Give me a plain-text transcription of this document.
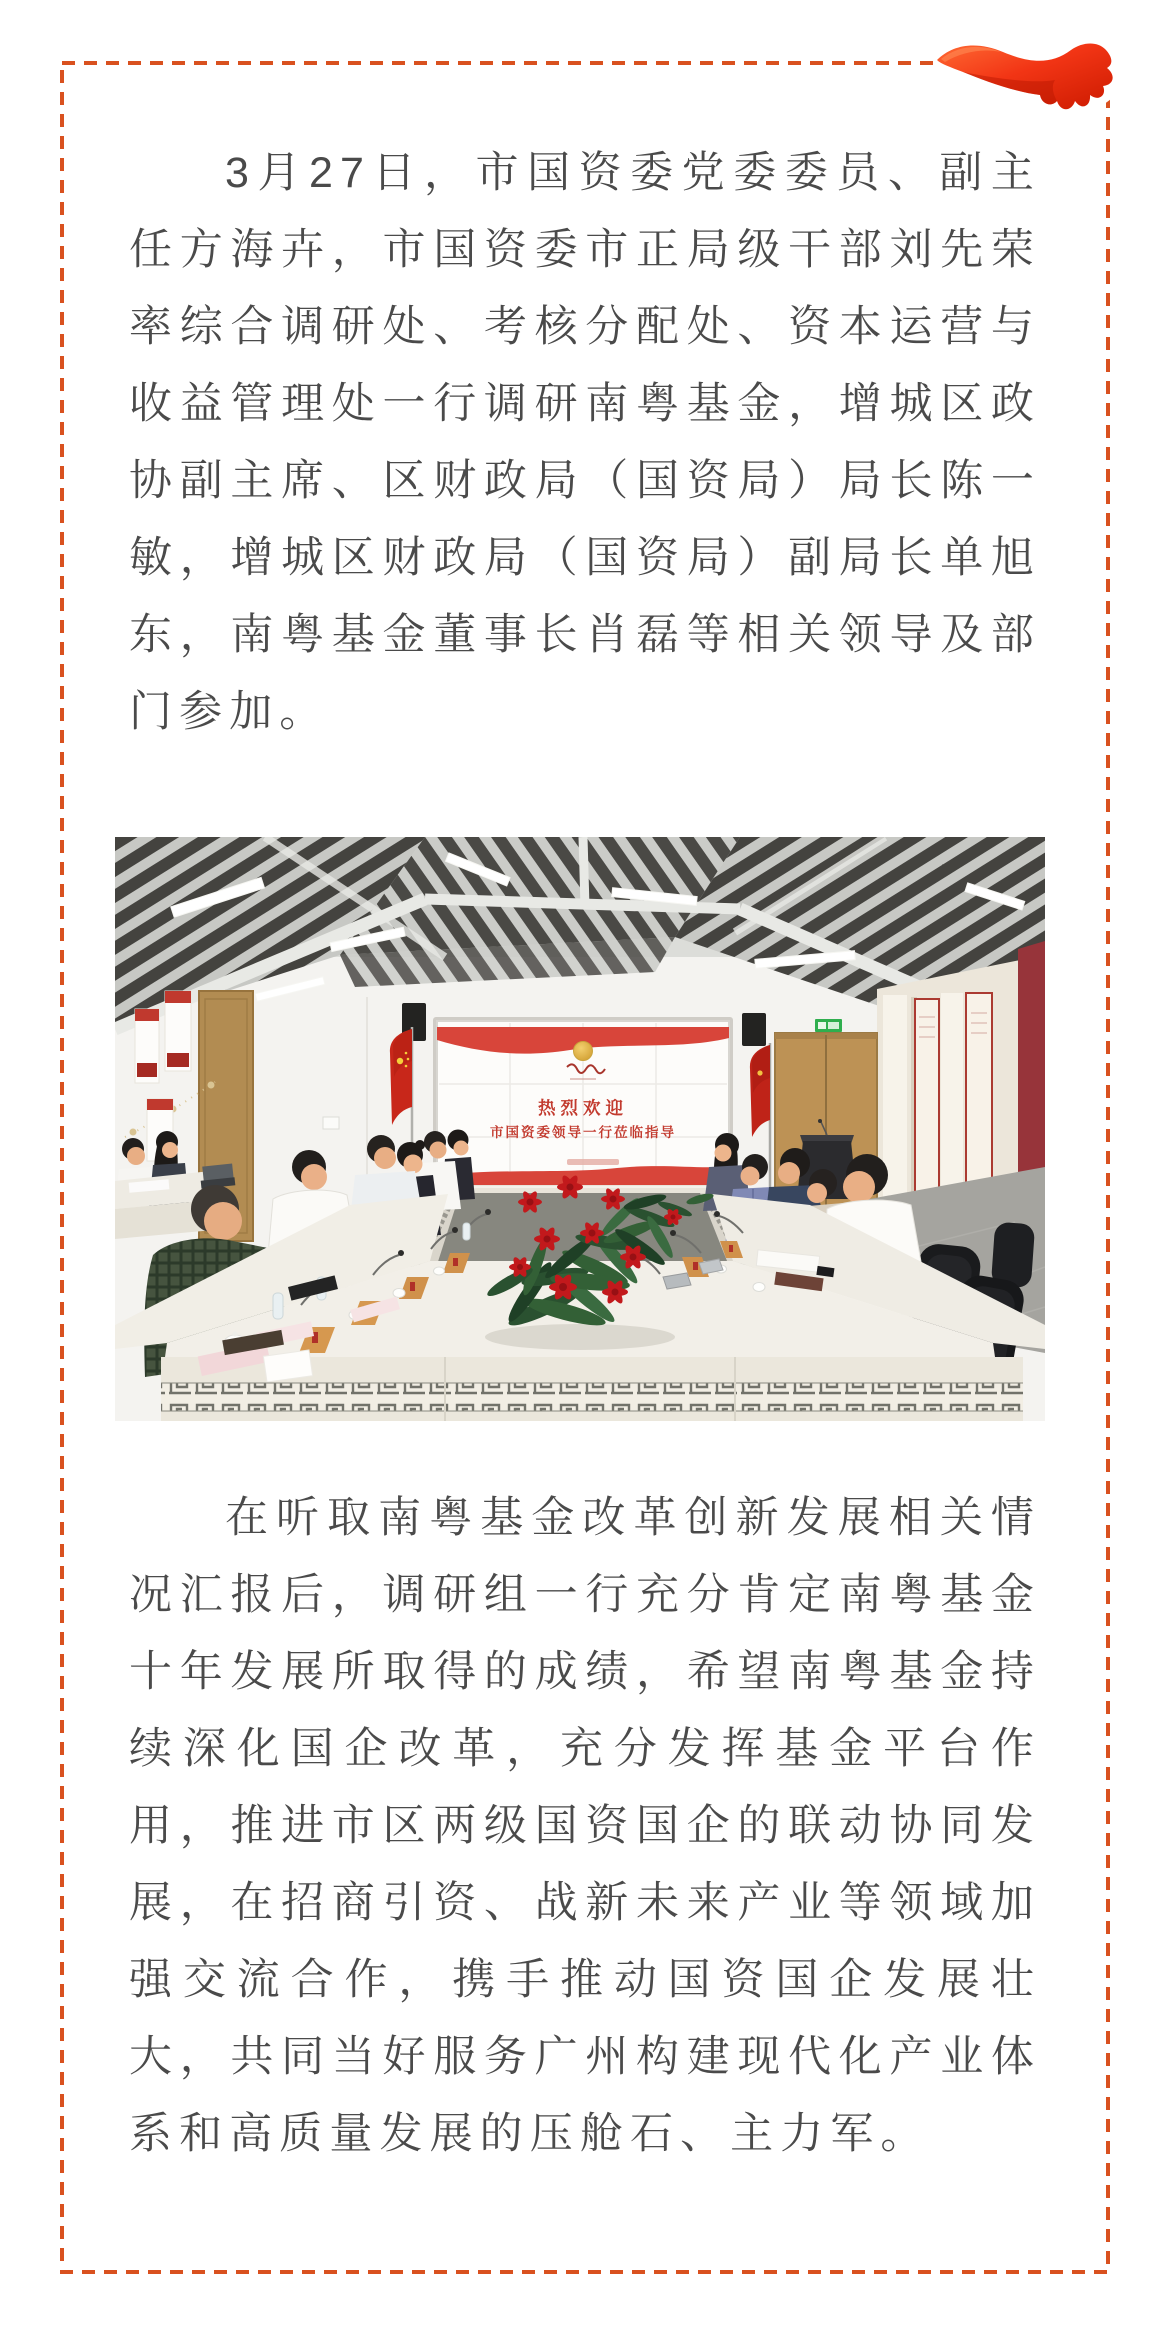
3月27日，市国资委党委委员、副主任方海卉，市国资委市正局级干部刘先荣率综合调研处、考核分配处、资本运营与收益管理处一行调研南粤基金，增城区政协副主席、区财政局（国资局）局长陈一敏，增城区财政局（国资局）副局长单旭东，南粤基金董事长肖磊等相关领导及部门参加。

热烈欢迎
市国资委领导一行莅临指导

在听取南粤基金改革创新发展相关情况汇报后，调研组一行充分肯定南粤基金十年发展所取得的成绩，希望南粤基金持续深化国企改革，充分发挥基金平台作用，推进市区两级国资国企的联动协同发展，在招商引资、战新未来产业等领域加强交流合作，携手推动国资国企发展壮大，共同当好服务广州构建现代化产业体系和高质量发展的压舱石、主力军。
